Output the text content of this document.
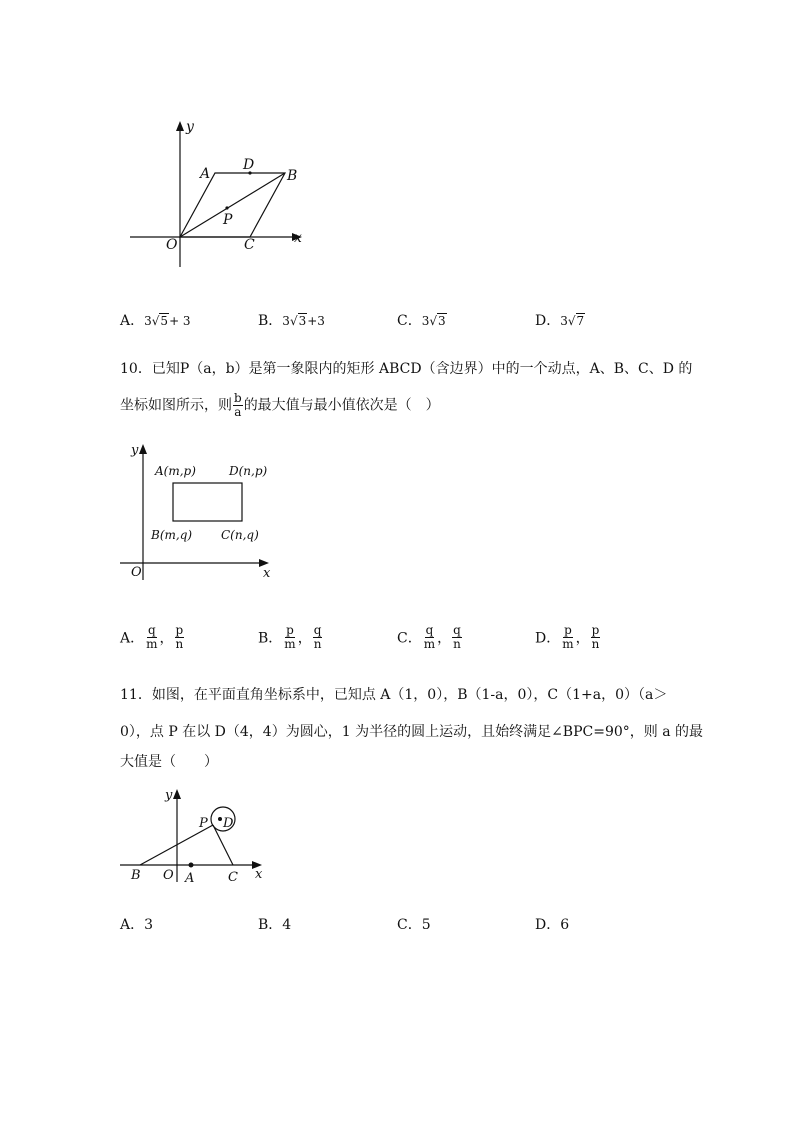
y
x
A
D
B
P
O	C
A．3√5+ 3	B．3√3+3	C．3√3	D．3√7
10．已知P（a，b）是第一象限内的矩形 ABCD（含边界）中的一个动点，A、B、C、D 的
坐标如图所示，则 $\frac{b}{a}$ 的最大值与最小值依次是（　）
y
x
O
A(m,p)	D(n,p)
B(m,q) C(n,q)
A． $\frac{q}{m}$ ， $\frac{p}{n}$	B． $\frac{p}{m}$ ， $\frac{q}{n}$	C． $\frac{q}{m}$ ， $\frac{q}{n}$	D． $\frac{p}{m}$ ， $\frac{p}{n}$
11．如图，在平面直角坐标系中，已知点 A（1，0），B（1-a，0），C（1+a，0）（a＞
0），点 P 在以 D（4，4）为圆心，1 为半径的圆上运动，且始终满足∠BPC=90°，则 a 的最
大值是（　　）
y
x
P D
B O A	C
A．3	B．4	C．5	D．6
